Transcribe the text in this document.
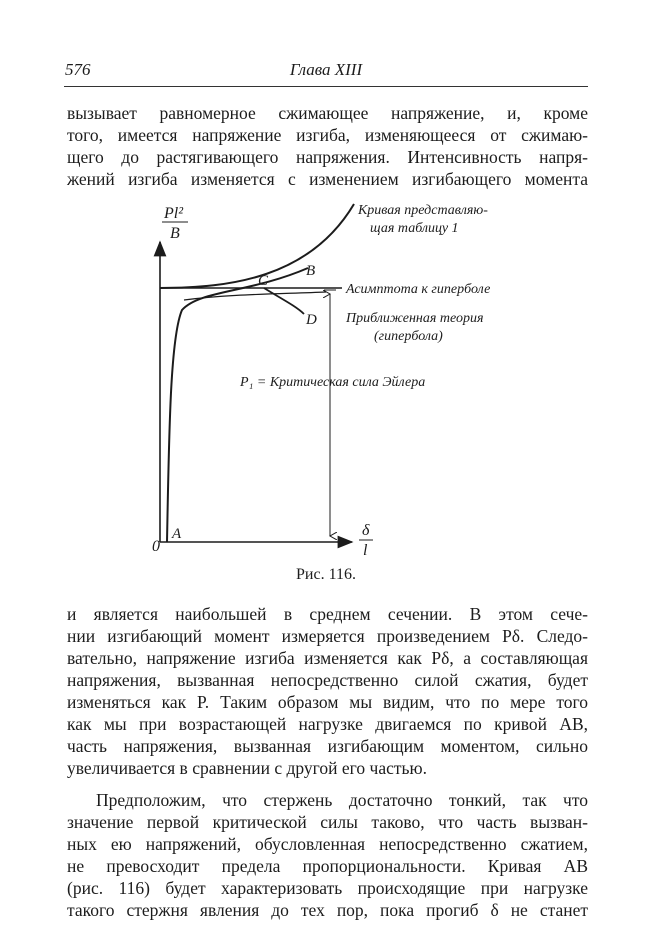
576	Глава XIII
вызывает равномерное сжимающее напряжение, и, кроме
того, имеется напряжение изгиба, изменяющееся от сжимаю-
щего до растягивающего напряжения. Интенсивность напря-
жений изгиба изменяется с изменением изгибающего момента
Pl²
B
δ
l
0
A
B
C
D
Кривая представляю-
щая таблицу 1
Асимптота к гиперболе
Приближенная теория
(гипербола)
P₁ = Критическая сила Эйлера
Рис. 116.
и является наибольшей в среднем сечении. В этом сече-
нии изгибающий момент измеряется произведением Pδ. Следо-
вательно, напряжение изгиба изменяется как Pδ, а составляющая
напряжения, вызванная непосредственно силой сжатия, будет
изменяться как P. Таким образом мы видим, что по мере того
как мы при возрастающей нагрузке двигаемся по кривой AB,
часть напряжения, вызванная изгибающим моментом, сильно
увеличивается в сравнении с другой его частью.
Предположим, что стержень достаточно тонкий, так что
значение первой критической силы таково, что часть вызван-
ных ею напряжений, обусловленная непосредственно сжатием,
не превосходит предела пропорциональности. Кривая AB
(рис. 116) будет характеризовать происходящие при нагрузке
такого стержня явления до тех пор, пока прогиб δ не станет
